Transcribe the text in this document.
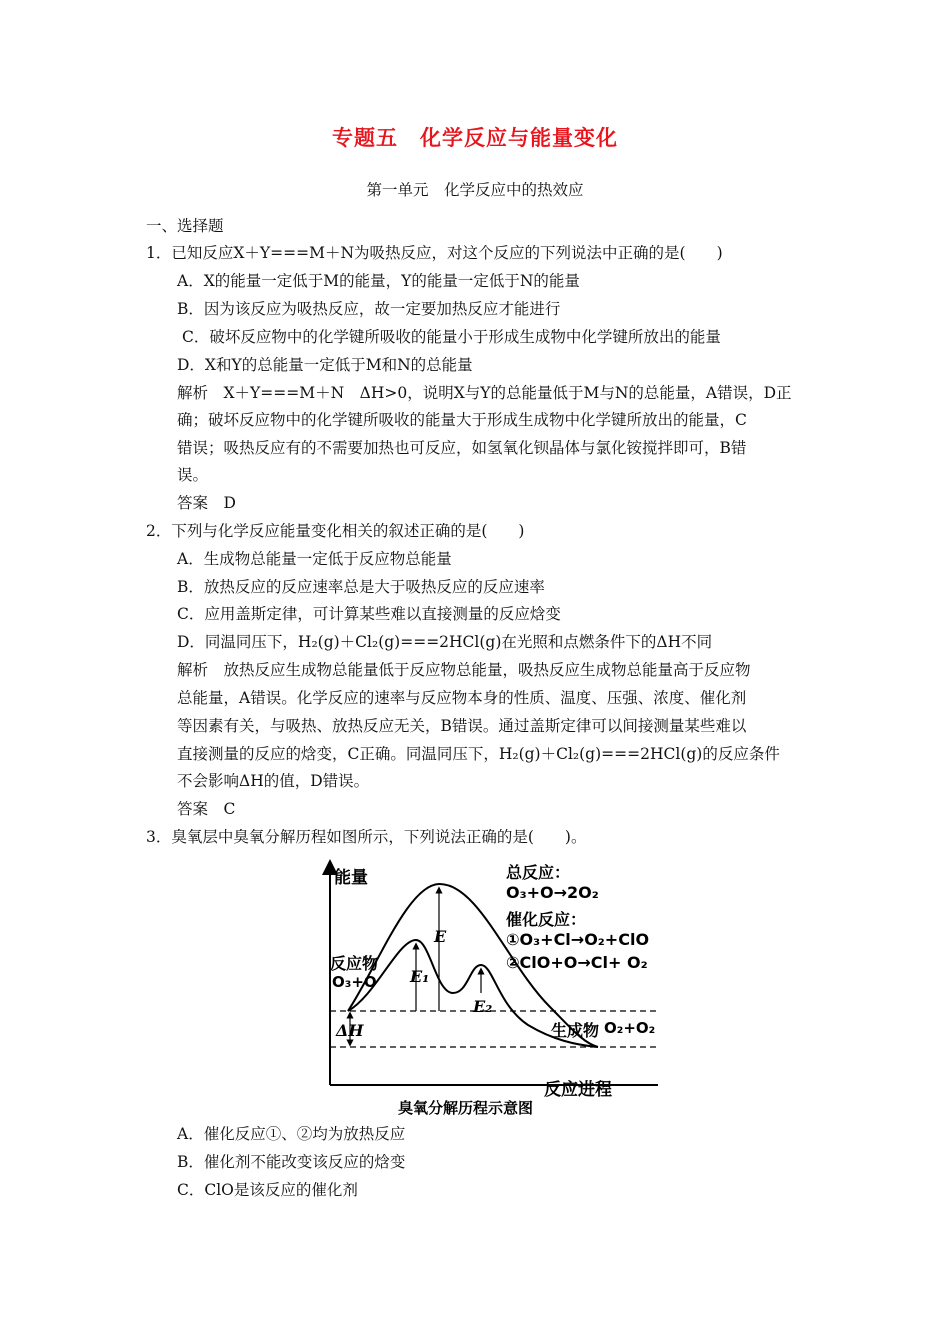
专题五　化学反应与能量变化
第一单元　化学反应中的热效应
一、选择题
1．已知反应X＋Y===M＋N为吸热反应，对这个反应的下列说法中正确的是(　　)
A．X的能量一定低于M的能量，Y的能量一定低于N的能量
B．因为该反应为吸热反应，故一定要加热反应才能进行
C．破坏反应物中的化学键所吸收的能量小于形成生成物中化学键所放出的能量
D．X和Y的总能量一定低于M和N的总能量
解析　X＋Y===M＋N　ΔH>0，说明X与Y的总能量低于M与N的总能量，A错误，D正
确；破坏反应物中的化学键所吸收的能量大于形成生成物中化学键所放出的能量，C
错误；吸热反应有的不需要加热也可反应，如氢氧化钡晶体与氯化铵搅拌即可，B错
误。
答案　D
2．下列与化学反应能量变化相关的叙述正确的是(　　)
A．生成物总能量一定低于反应物总能量
B．放热反应的反应速率总是大于吸热反应的反应速率
C．应用盖斯定律，可计算某些难以直接测量的反应焓变
D．同温同压下，H₂(g)＋Cl₂(g)===2HCl(g)在光照和点燃条件下的ΔH不同
解析　放热反应生成物总能量低于反应物总能量，吸热反应生成物总能量高于反应物
总能量，A错误。化学反应的速率与反应物本身的性质、温度、压强、浓度、催化剂
等因素有关，与吸热、放热反应无关，B错误。通过盖斯定律可以间接测量某些难以
直接测量的反应的焓变，C正确。同温同压下，H₂(g)＋Cl₂(g)===2HCl(g)的反应条件
不会影响ΔH的值，D错误。
答案　C
3．臭氧层中臭氧分解历程如图所示，下列说法正确的是(　　)。
能量	总反应：
O₃+O→2O₂
催化反应：
①O₃+Cl→O₂+ClO
②ClO+O→Cl+ O₂
反应物
O₃+O
E
E₁
E₂
ΔH	生成物 O₂+O₂
反应进程
臭氧分解历程示意图
A．催化反应①、②均为放热反应
B．催化剂不能改变该反应的焓变
C．ClO是该反应的催化剂
